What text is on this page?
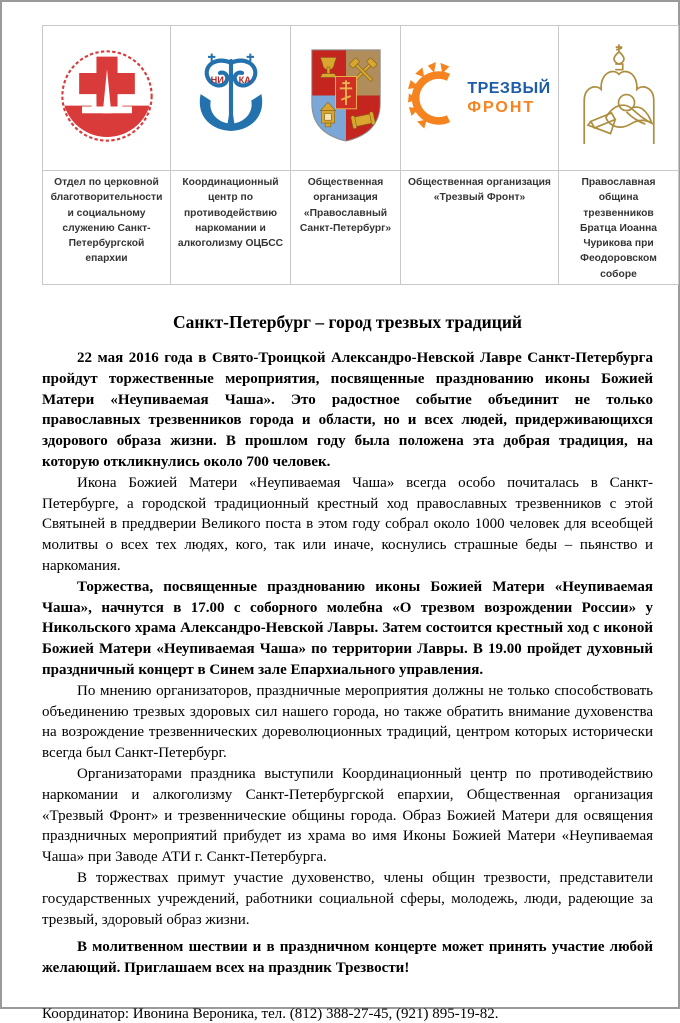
НИ КА

ТРЕЗВЫЙ
ФРОНТ

Отдел по церковной благотворительности и социальному служению Санкт-Петербургской епархии	Координационный центр по противодействию наркомании и алкоголизму ОЦБСС	Общественная организация «Православный Санкт-Петербург»	Общественная организация «Трезвый Фронт»	Православная община трезвенников Братца Иоанна Чурикова при Феодоровском соборе
Санкт-Петербург – город трезвых традиций

22 мая 2016 года в Свято-Троицкой Александро-Невской Лавре Санкт-Петербурга пройдут торжественные мероприятия, посвященные празднованию иконы Божией Матери «Неупиваемая Чаша». Это радостное событие объединит не только православных трезвенников города и области, но и всех людей, придерживающихся здорового образа жизни. В прошлом году была положена эта добрая традиция, на которую откликнулись около 700 человек.

Икона Божией Матери «Неупиваемая Чаша» всегда особо почиталась в Санкт-Петербурге, а городской традиционный крестный ход православных трезвенников с этой Святыней в преддверии Великого поста в этом году собрал около 1000 человек для всеобщей молитвы о всех тех людях, кого, так или иначе, коснулись страшные беды – пьянство и наркомания.

Торжества, посвященные празднованию иконы Божией Матери «Неупиваемая Чаша», начнутся в 17.00 с соборного молебна «О трезвом возрождении России» у Никольского храма Александро-Невской Лавры. Затем состоится крестный ход с иконой Божией Матери «Неупиваемая Чаша» по территории Лавры. В 19.00 пройдет духовный праздничный концерт в Синем зале Епархиального управления.

По мнению организаторов, праздничные мероприятия должны не только способствовать объединению трезвых здоровых сил нашего города, но также обратить внимание духовенства на возрождение трезвеннических дореволюционных традиций, центром которых исторически всегда был Санкт-Петербург.

Организаторами праздника выступили Координационный центр по противодействию наркомании и алкоголизму Санкт-Петербургской епархии, Общественная организация «Трезвый Фронт» и трезвеннические общины города. Образ Божией Матери для освящения праздничных мероприятий прибудет из храма во имя Иконы Божией Матери «Неупиваемая Чаша» при Заводе АТИ г. Санкт-Петербурга.

В торжествах примут участие духовенство, члены общин трезвости, представители государственных учреждений, работники социальной сферы, молодежь, люди, радеющие за трезвый, здоровый образ жизни.

В молитвенном шествии и в праздничном концерте может принять участие любой желающий. Приглашаем всех на праздник Трезвости!

Координатор: Ивонина Вероника, тел. (812) 388-27-45, (921) 895-19-82.
